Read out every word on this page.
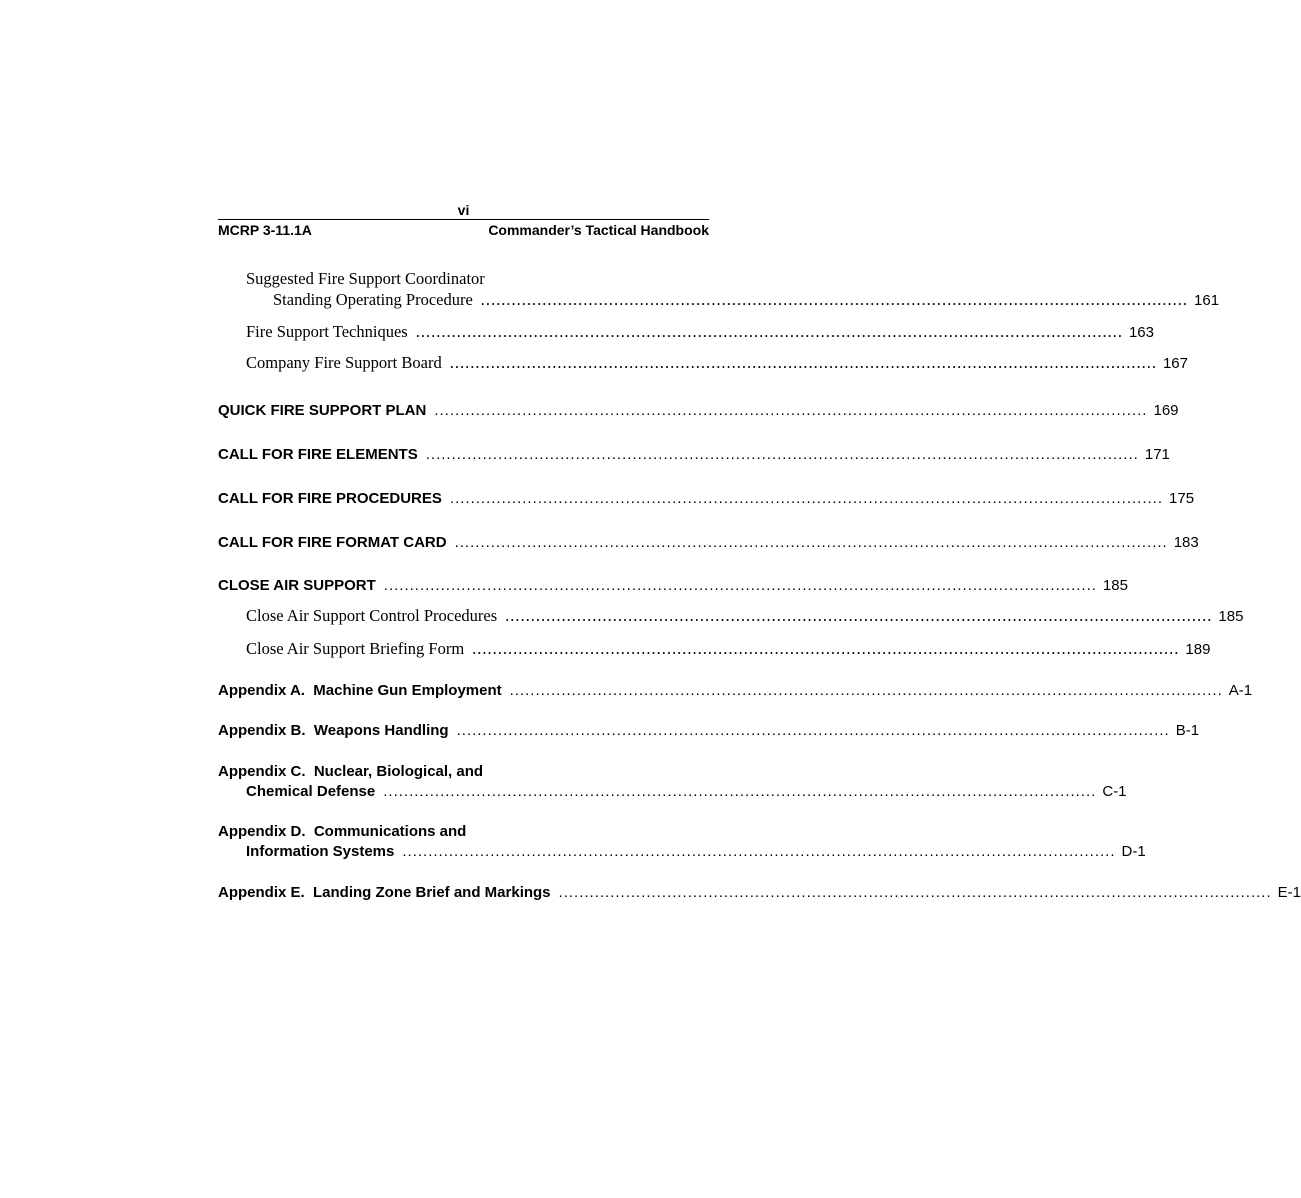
vi
MCRP 3-11.1A	Commander’s Tactical Handbook
Suggested Fire Support Coordinator
Standing Operating Procedure .......................................................................................................................................... 161
Fire Support Techniques .......................................................................................................................................... 163
Company Fire Support Board .......................................................................................................................................... 167
QUICK FIRE SUPPORT PLAN .......................................................................................................................................... 169
CALL FOR FIRE ELEMENTS .......................................................................................................................................... 171
CALL FOR FIRE PROCEDURES .......................................................................................................................................... 175
CALL FOR FIRE FORMAT CARD .......................................................................................................................................... 183
CLOSE AIR SUPPORT .......................................................................................................................................... 185
Close Air Support Control Procedures .......................................................................................................................................... 185
Close Air Support Briefing Form .......................................................................................................................................... 189
Appendix A.  Machine Gun Employment .......................................................................................................................................... A-1
Appendix B.  Weapons Handling .......................................................................................................................................... B-1
Appendix C.  Nuclear, Biological, and
Chemical Defense .......................................................................................................................................... C-1
Appendix D.  Communications and
Information Systems .......................................................................................................................................... D-1
Appendix E.  Landing Zone Brief and Markings .......................................................................................................................................... E-1
